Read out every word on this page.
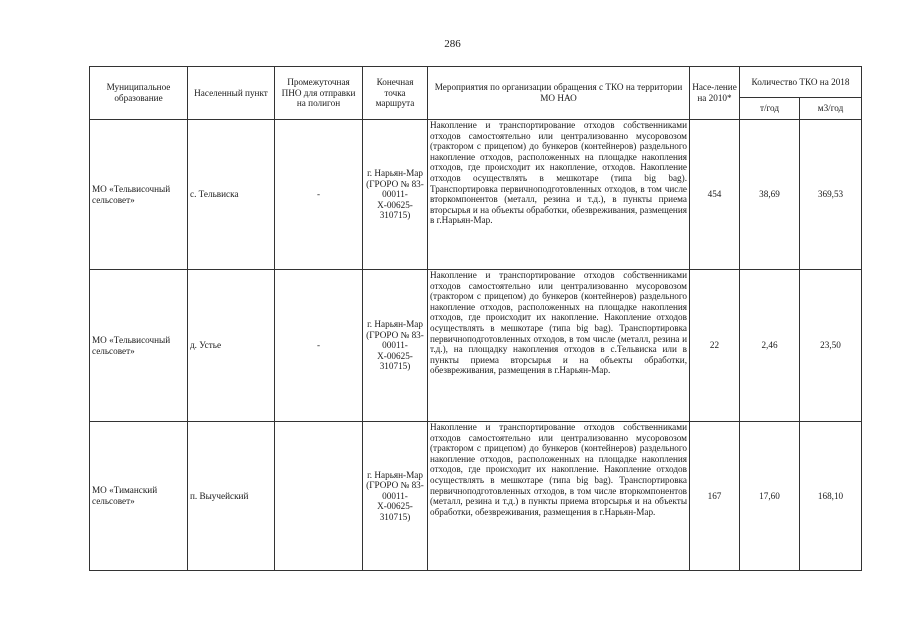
286
Муниципальное образование	Населенный пункт	Промежуточная ПНО для отправки на полигон	Конечная точка маршрута	Мероприятия по организации обращения с ТКО на территории МО НАО	Насе-ление на 2010*	Количество ТКО на 2018	
						т/год	м3/год
МО «Тельвисочный сельсовет»	с. Тельвиска	-	г. Нарьян-Мар (ГРОРО № 83-00011-Х-00625-310715)	Накопление и транспортирование отходов собственниками отходов самостоятельно или централизованно мусоровозом (трактором с прицепом) до бункеров (контейнеров) раздельного накопление отходов, расположенных на площадке накопления отходов, где происходит их накопление, отходов. Накопление отходов осуществлять в мешкотаре (типа big bag). Транспортировка первичноподготовленных отходов, в том числе вторкомпонентов (металл, резина и т.д.), в пункты приема вторсырья и на объекты обработки, обезвреживания, размещения в г.Нарьян-Мар.	454	38,69	369,53
МО «Тельвисочный сельсовет»	д. Устье	-	г. Нарьян-Мар (ГРОРО № 83-00011-Х-00625-310715)	Накопление и транспортирование отходов собственниками отходов самостоятельно или централизованно мусоровозом (трактором с прицепом) до бункеров (контейнеров) раздельного накопление отходов, расположенных на площадке накопления отходов, где происходит их накопление. Накопление отходов осуществлять в мешкотаре (типа big bag). Транспортировка первичноподготовленных отходов, в том числе (металл, резина и т.д.), на площадку накопления отходов в с.Тельвиска или в пункты приема вторсырья и на объекты обработки, обезвреживания, размещения в г.Нарьян-Мар.	22	2,46	23,50
МО «Тиманский сельсовет»	п. Выучейский		г. Нарьян-Мар (ГРОРО № 83-00011-Х-00625-310715)	Накопление и транспортирование отходов собственниками отходов самостоятельно или централизованно мусоровозом (трактором с прицепом) до бункеров (контейнеров) раздельного накопление отходов, расположенных на площадке накопления отходов, где происходит их накопление. Накопление отходов осуществлять в мешкотаре (типа big bag). Транспортировка первичноподготовленных отходов, в том числе вторкомпонентов (металл, резина и т.д.) в пункты приема вторсырья и на объекты обработки, обезвреживания, размещения в г.Нарьян-Мар.	167	17,60	168,10
